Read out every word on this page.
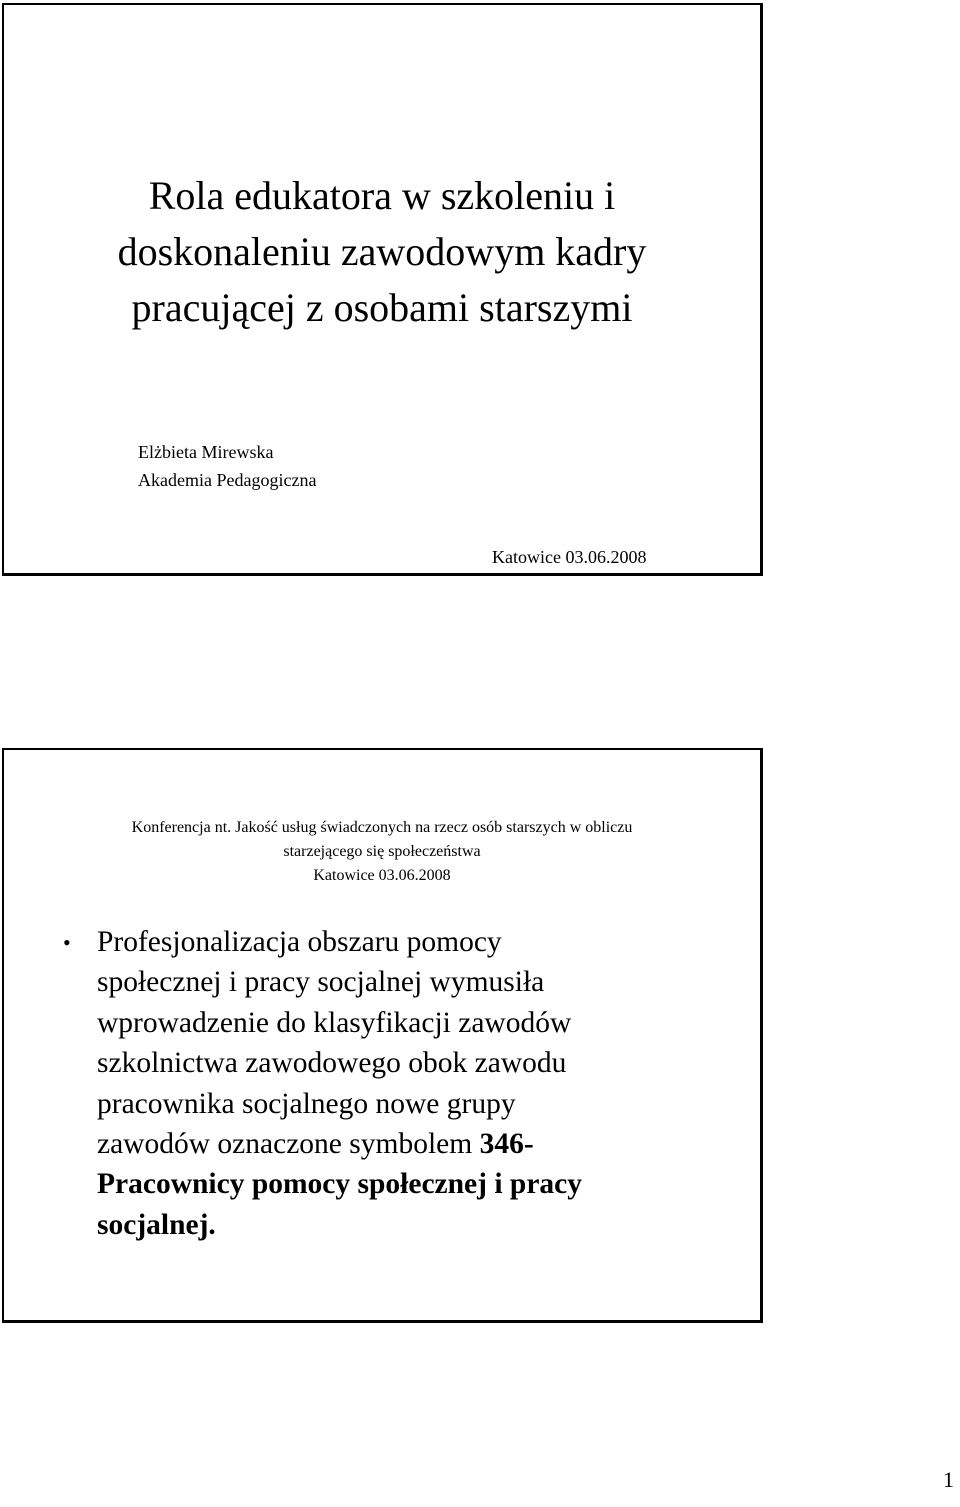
Rola edukatora w szkoleniu i
doskonaleniu zawodowym kadry
pracującej z osobami starszymi
Elżbieta Mirewska
Akademia Pedagogiczna
Katowice 03.06.2008
Konferencja nt. Jakość usług świadczonych na rzecz osób starszych w obliczu
starzejącego się społeczeństwa
Katowice 03.06.2008
• Profesjonalizacja obszaru pomocy
społecznej i pracy socjalnej wymusiła
wprowadzenie do klasyfikacji zawodów
szkolnictwa zawodowego obok zawodu
pracownika socjalnego nowe grupy
zawodów oznaczone symbolem 346-
Pracownicy pomocy społecznej i pracy
socjalnej.
1
